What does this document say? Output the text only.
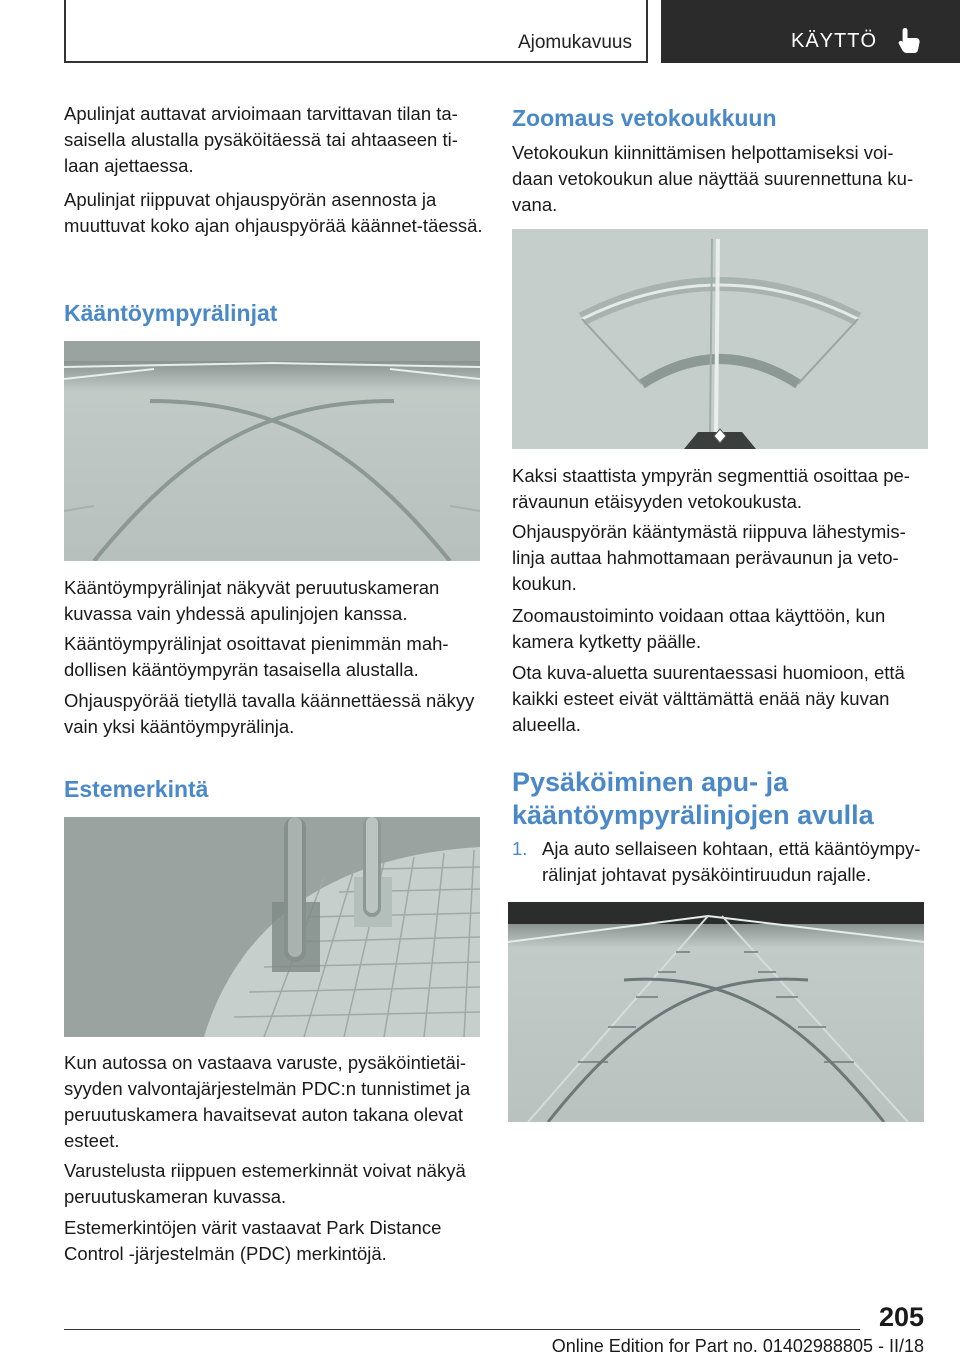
Ajomukavuus	KÄYTTÖ

Apulinjat auttavat arvioimaan tarvittavan tilan ta-saisella alustalla pysäköitäessä tai ahtaaseen ti-laan ajettaessa.

Apulinjat riippuvat ohjauspyörän asennosta ja muuttuvat koko ajan ohjauspyörää käännet-täessä.

Kääntöympyrälinjat

Kääntöympyrälinjat näkyvät peruutuskameran kuvassa vain yhdessä apulinjojen kanssa.

Kääntöympyrälinjat osoittavat pienimmän mah-dollisen kääntöympyrän tasaisella alustalla.

Ohjauspyörää tietyllä tavalla käännettäessä näkyy vain yksi kääntöympyrälinja.

Estemerkintä

Kun autossa on vastaava varuste, pysäköintietäi-syyden valvontajärjestelmän PDC:n tunnistimet ja peruutuskamera havaitsevat auton takana olevat esteet.

Varustelusta riippuen estemerkinnät voivat näkyä peruutuskameran kuvassa.

Estemerkintöjen värit vastaavat Park Distance Control -järjestelmän (PDC) merkintöjä.

Zoomaus vetokoukkuun

Vetokoukun kiinnittämisen helpottamiseksi voi-daan vetokoukun alue näyttää suurennettuna ku-vana.

Kaksi staattista ympyrän segmenttiä osoittaa pe-rävaunun etäisyyden vetokoukusta.

Ohjauspyörän kääntymästä riippuva lähestymis-linja auttaa hahmottamaan perävaunun ja veto-koukun.

Zoomaustoiminto voidaan ottaa käyttöön, kun kamera kytketty päälle.

Ota kuva-aluetta suurentaessasi huomioon, että kaikki esteet eivät välttämättä enää näy kuvan alueella.

Pysäköiminen apu- ja kääntöympyrälinjojen avulla
1. Aja auto sellaiseen kohtaan, että kääntöympy-rälinjat johtavat pysäköintiruudun rajalle.
205
Online Edition for Part no. 01402988805 - II/18
